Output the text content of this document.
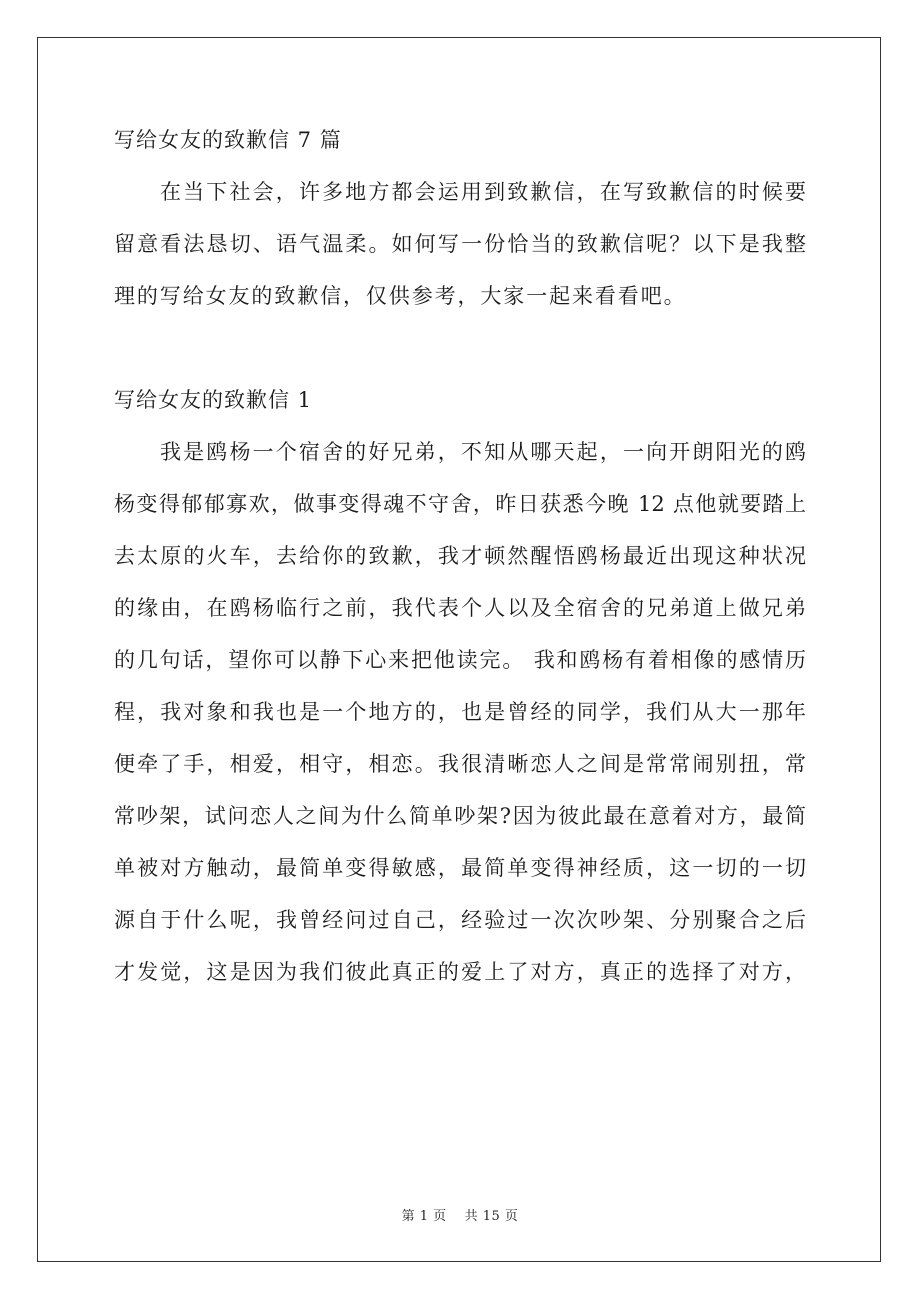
写给女友的致歉信 7 篇
在当下社会，许多地方都会运用到致歉信，在写致歉信的时候要
留意看法恳切、语气温柔。如何写一份恰当的致歉信呢？以下是我整
理的写给女友的致歉信，仅供参考，大家一起来看看吧。
写给女友的致歉信 1
我是鸥杨一个宿舍的好兄弟，不知从哪天起，一向开朗阳光的鸥
杨变得郁郁寡欢，做事变得魂不守舍，昨日获悉今晚 12 点他就要踏上
去太原的火车，去给你的致歉，我才顿然醒悟鸥杨最近出现这种状况
的缘由，在鸥杨临行之前，我代表个人以及全宿舍的兄弟道上做兄弟
的几句话，望你可以静下心来把他读完。 我和鸥杨有着相像的感情历
程，我对象和我也是一个地方的，也是曾经的同学，我们从大一那年
便牵了手，相爱，相守，相恋。我很清晰恋人之间是常常闹别扭，常
常吵架，试问恋人之间为什么简单吵架?因为彼此最在意着对方，最简
单被对方触动，最简单变得敏感，最简单变得神经质，这一切的一切
源自于什么呢，我曾经问过自己，经验过一次次吵架、分别聚合之后
才发觉，这是因为我们彼此真正的爱上了对方，真正的选择了对方，
第 1 页 共 15 页
